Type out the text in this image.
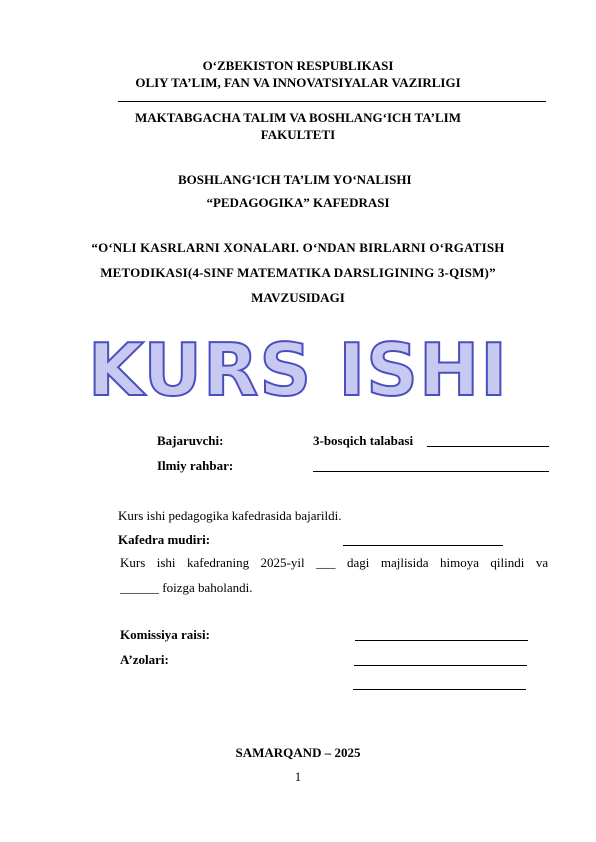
O‘ZBEKISTON RESPUBLIKASI
OLIY TA’LIM, FAN VA INNOVATSIYALAR VAZIRLIGI
MAKTABGACHA TALIM VA BOSHLANG‘ICH TA’LIM
FAKULTETI
BOSHLANG‘ICH TA’LIM YO‘NALISHI
“PEDAGOGIKA” KAFEDRASI
“O‘NLI KASRLARNI XONALARI. O‘NDAN BIRLARNI O‘RGATISH
METODIKASI(4-SINF MATEMATIKA DARSLIGINING 3-QISM)”
MAVZUSIDAGI
KURS ISHI
Bajaruvchi:	3-bosqich talabasi
Ilmiy rahbar:
Kurs ishi pedagogika kafedrasida bajarildi.
Kafedra mudiri:
Kurs ishi kafedraning 2025-yil ___ dagi majlisida himoya qilindi va
______ foizga baholandi.
Komissiya raisi:
A’zolari:
SAMARQAND – 2025
1
